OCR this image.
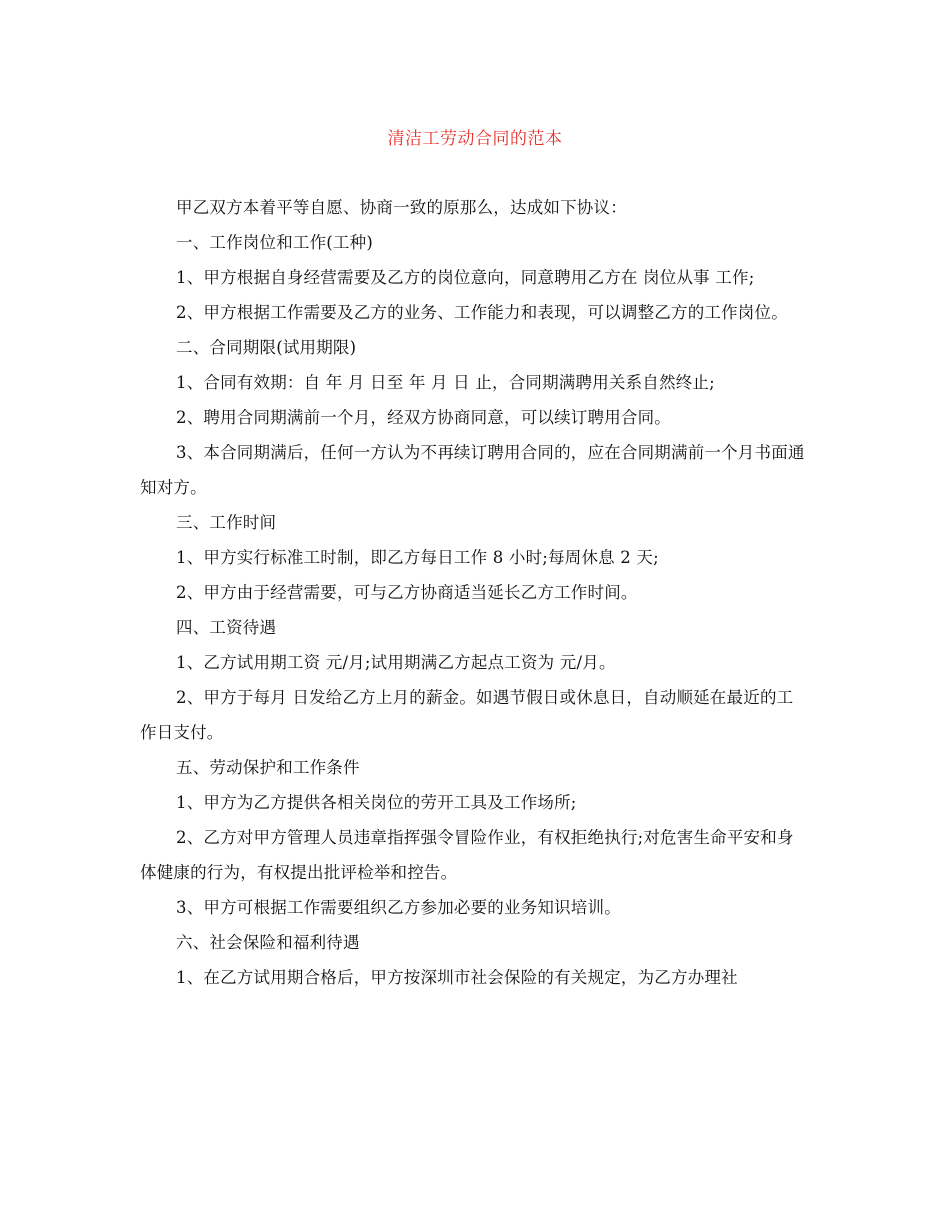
清洁工劳动合同的范本

甲乙双方本着平等自愿、协商一致的原那么，达成如下协议：

一、工作岗位和工作(工种)

1、甲方根据自身经营需要及乙方的岗位意向，同意聘用乙方在 岗位从事 工作;

2、甲方根据工作需要及乙方的业务、工作能力和表现，可以调整乙方的工作岗位。

二、合同期限(试用期限)

1、合同有效期：自 年 月 日至 年 月 日 止，合同期满聘用关系自然终止;

2、聘用合同期满前一个月，经双方协商同意，可以续订聘用合同。

3、本合同期满后，任何一方认为不再续订聘用合同的，应在合同期满前一个月书面通知对方。

三、工作时间

1、甲方实行标准工时制，即乙方每日工作 8 小时;每周休息 2 天;

2、甲方由于经营需要，可与乙方协商适当延长乙方工作时间。

四、工资待遇

1、乙方试用期工资 元/月;试用期满乙方起点工资为 元/月。

2、甲方于每月 日发给乙方上月的薪金。如遇节假日或休息日，自动顺延在最近的工作日支付。

五、劳动保护和工作条件

1、甲方为乙方提供各相关岗位的劳开工具及工作场所;

2、乙方对甲方管理人员违章指挥强令冒险作业，有权拒绝执行;对危害生命平安和身体健康的行为，有权提出批评检举和控告。

3、甲方可根据工作需要组织乙方参加必要的业务知识培训。

六、社会保险和福利待遇

1、在乙方试用期合格后，甲方按深圳市社会保险的有关规定，为乙方办理社
